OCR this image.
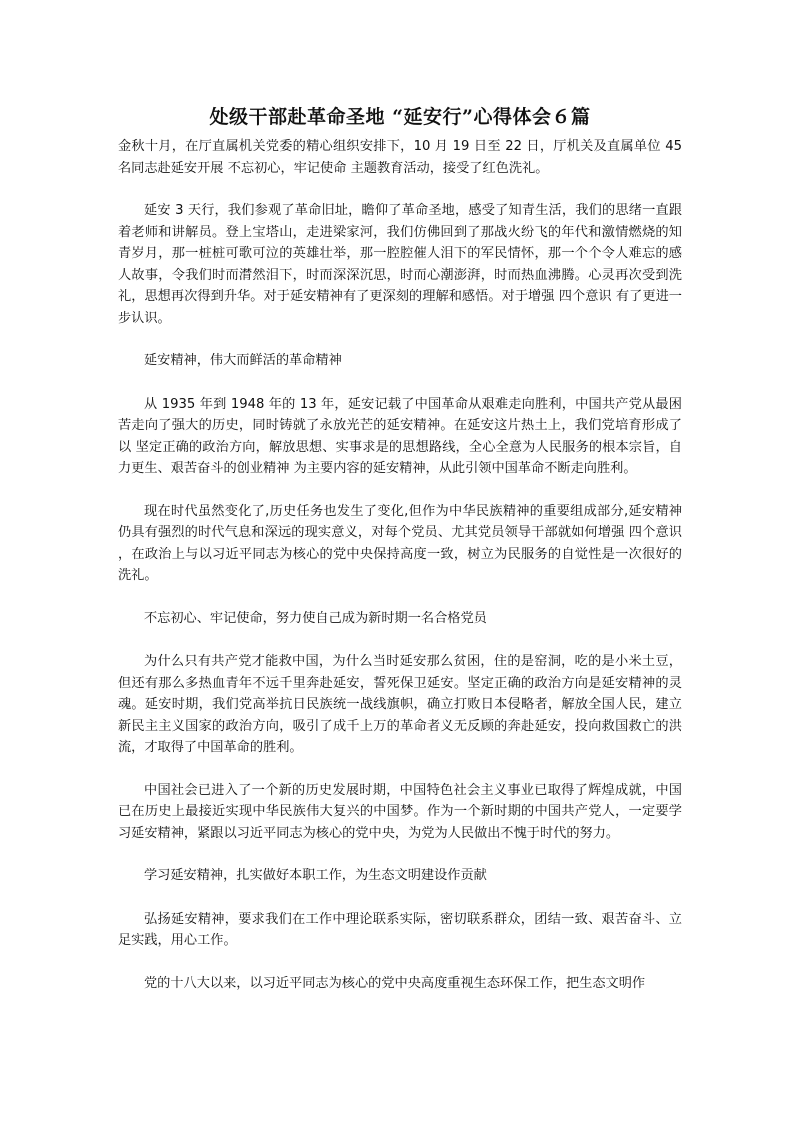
处级干部赴革命圣地 “延安行”心得体会６篇

金秋十月，在厅直属机关党委的精心组织安排下，10 月 19 日至 22 日，厅机关及直属单位 45 名同志赴延安开展 不忘初心，牢记使命 主题教育活动，接受了红色洗礼。

延安 3 天行，我们参观了革命旧址，瞻仰了革命圣地，感受了知青生活，我们的思绪一直跟着老师和讲解员。登上宝塔山，走进梁家河，我们仿佛回到了那战火纷飞的年代和激情燃烧的知青岁月，那一桩桩可歌可泣的英雄壮举，那一腔腔催人泪下的军民情怀，那一个个令人难忘的感人故事，令我们时而潸然泪下，时而深深沉思，时而心潮澎湃，时而热血沸腾。心灵再次受到洗礼，思想再次得到升华。对于延安精神有了更深刻的理解和感悟。对于增强 四个意识 有了更进一步认识。

延安精神，伟大而鲜活的革命精神

从 1935 年到 1948 年的 13 年，延安记载了中国革命从艰难走向胜利，中国共产党从最困苦走向了强大的历史，同时铸就了永放光芒的延安精神。在延安这片热土上，我们党培育形成了以 坚定正确的政治方向，解放思想、实事求是的思想路线，全心全意为人民服务的根本宗旨，自力更生、艰苦奋斗的创业精神 为主要内容的延安精神，从此引领中国革命不断走向胜利。

现在时代虽然变化了,历史任务也发生了变化,但作为中华民族精神的重要组成部分,延安精神仍具有强烈的时代气息和深远的现实意义，对每个党员、尤其党员领导干部就如何增强 四个意识 ，在政治上与以习近平同志为核心的党中央保持高度一致，树立为民服务的自觉性是一次很好的洗礼。

不忘初心、牢记使命，努力使自己成为新时期一名合格党员

为什么只有共产党才能救中国，为什么当时延安那么贫困，住的是窑洞，吃的是小米土豆，但还有那么多热血青年不远千里奔赴延安，誓死保卫延安。坚定正确的政治方向是延安精神的灵魂。延安时期，我们党高举抗日民族统一战线旗帜，确立打败日本侵略者，解放全国人民，建立新民主主义国家的政治方向，吸引了成千上万的革命者义无反顾的奔赴延安，投向救国救亡的洪流，才取得了中国革命的胜利。

中国社会已进入了一个新的历史发展时期，中国特色社会主义事业已取得了辉煌成就，中国已在历史上最接近实现中华民族伟大复兴的中国梦。作为一个新时期的中国共产党人，一定要学习延安精神，紧跟以习近平同志为核心的党中央，为党为人民做出不愧于时代的努力。

学习延安精神，扎实做好本职工作，为生态文明建设作贡献

弘扬延安精神，要求我们在工作中理论联系实际，密切联系群众，团结一致、艰苦奋斗、立足实践，用心工作。

党的十八大以来，以习近平同志为核心的党中央高度重视生态环保工作，把生态文明作
